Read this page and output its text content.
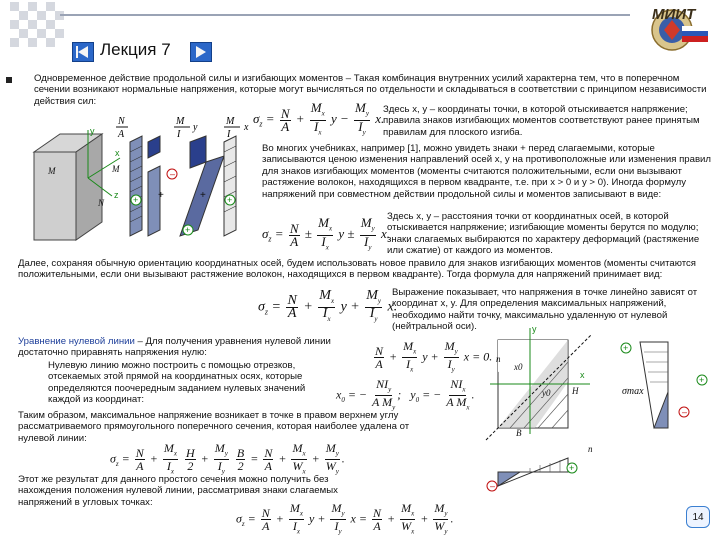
МИИТ
Лекция 7
Одновременное действие продольной силы и изгибающих моментов – Такая комбинация внутренних усилий характерна тем, что в поперечном сечении возникают нормальные напряжения, которые могут вычисляться по отдельности и складываться в соответствии с принципом независимости действия сил:
$\sigma_z = \frac{N}{A} + \frac{M_x}{I_x}$ $y - \frac{M_y}{I_y} x$.
Здесь x, y – координаты точки, в которой отыскивается напряжение; правила знаков изгибающих моментов соответствуют ранее принятым правилам для плоского изгиба.
N
A
M
I
y
M
I
x
y
x
z
M	M
N	+ +
–
+ +
+
Во многих учебниках, например [1], можно увидеть знаки + перед слагаемыми, которые записываются ценою изменения направлений осей x, y на противоположные или изменения правил для знаков изгибающих моментов (моменты считаются положительными, если они вызывают растяжение волокон, находящихся в первом квадранте, т.е. при x > 0 и y > 0). Иногда формулу напряжений при совместном действии продольной силы и моментов записывают в виде:
$\sigma_z = \frac{N}{A} \pm \frac{M_x}{I_x}$ $y \pm \frac{M_y}{I_y} x$.
Здесь x, y – расстояния точки от координатных осей, в которой отыскивается напряжение; изгибающие моменты берутся по модулю; знаки слагаемых выбираются по характеру деформаций (растяжение или сжатие) от каждого из моментов.
Далее, сохраняя обычную ориентацию координатных осей, будем использовать новое правило для знаков изгибающих моментов (моменты считаются положительными, если они вызывают растяжение волокон, находящихся в первом квадранте). Тогда формула для напряжений принимает вид:
$\sigma_z = \frac{N}{A} + \frac{M_x}{I_x}$ $y + \frac{M_y}{I_y} x$.
Выражение показывает, что напряжения в точке линейно зависят от координат x, y. Для определения максимальных напряжений, необходимо найти точку, максимально удаленную от нулевой (нейтральной оси).
Уравнение нулевой линии – Для получения уравнения нулевой линии достаточно приравнять напряжения нулю:	$\frac{N}{A} + \frac{M_x}{I_x}$ $y + \frac{M_y}{I_y}$ x = 0.
Нулевую линию можно построить с помощью отрезков, отсекаемых этой прямой на координатных осях, которые определяются поочередным заданием нулевых значений каждой из координат:	$x_0$ = − $\frac{NI_y}{A M_y}$ ;   $y_0$ = − $\frac{NI_x}{A M_x}$ .
Таким образом, максимальное напряжение возникает в точке в правом верхнем углу рассматриваемого прямоугольного поперечного сечения, которая наиболее удалена от нулевой линии:
$\sigma_z = \frac{N}{A} + \frac{M_x}{I_x}$
$\frac{H}{2} + \frac{M_y}{I_y}$
$\frac{B}{2} = \frac{N}{A} + \frac{M_x}{W_x} + \frac{M_y}{W_y}$ .
Этот же результат для данного простого сечения можно получить без нахождения положения нулевой линии, рассматривая знаки слагаемых напряжений в угловых точках:
$\sigma_z = \frac{N}{A} + \frac{M_x}{I_x}$ $y + \frac{M_y}{I_y}$ $x = \frac{N}{A} + \frac{M_x}{W_x} + \frac{M_y}{W_y}$ .
y
x
n
n
x0
y0 H
B
σmax
+
+
–
+
–
14
